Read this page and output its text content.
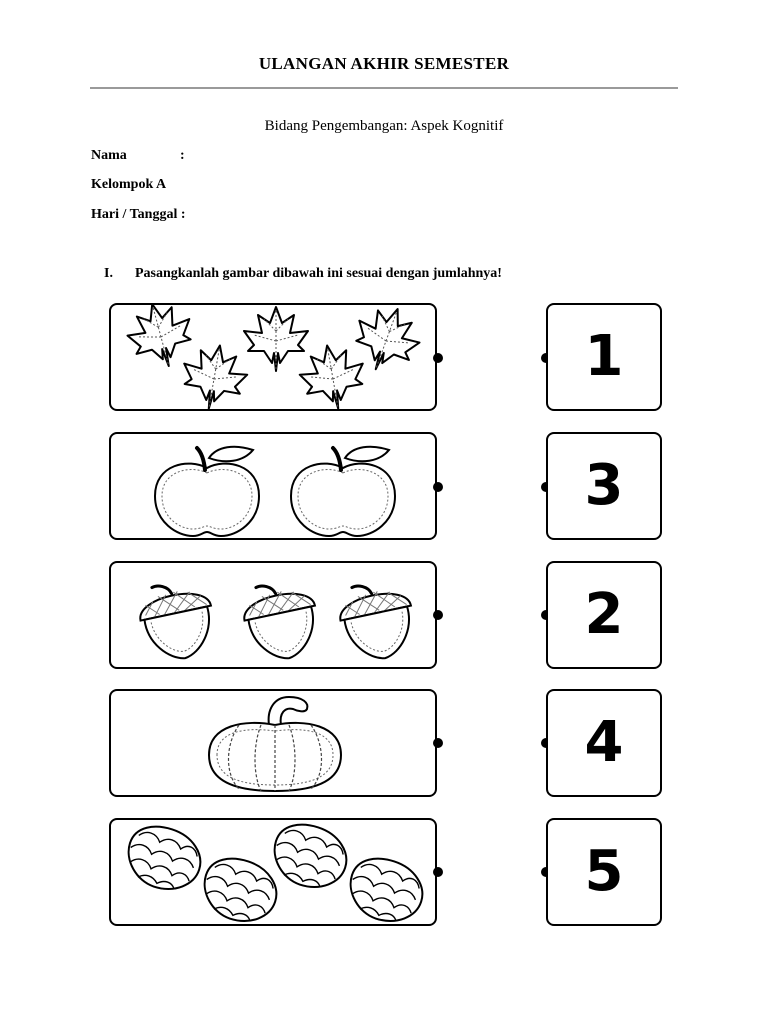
ULANGAN AKHIR SEMESTER
Bidang Pengembangan: Aspek Kognitif
Nama	:
Kelompok A
Hari / Tanggal :
I. Pasangkanlah gambar dibawah ini sesuai dengan jumlahnya!
1
3
2
4
5
